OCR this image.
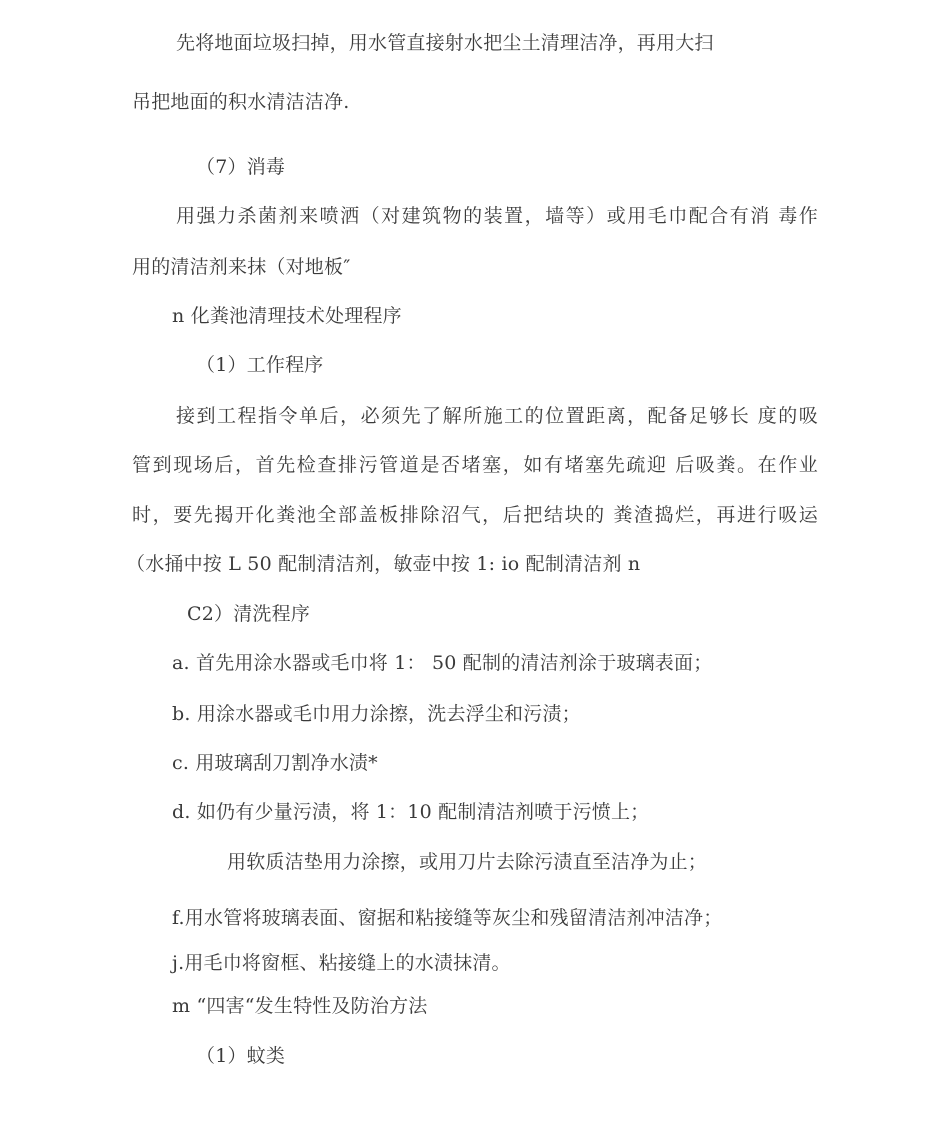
先将地面垃圾扫掉，用水管直接射水把尘土清理洁净，再用大扫
吊把地面的积水清洁洁净.
（7）消毒
用强力杀菌剂来喷洒（对建筑物的装置，墙等）或用毛巾配合有消 毒作
用的清洁剂来抹（对地板″
n 化粪池清理技术处理程序
（1）工作程序
接到工程指令单后，必须先了解所施工的位置距离，配备足够长 度的吸
管到现场后，首先检查排污管道是否堵塞，如有堵塞先疏迎 后吸粪。在作业
时，要先揭开化粪池全部盖板排除沼气，后把结块的 粪渣捣烂，再进行吸运
（水捅中按 L 50 配制清洁剂，敏壶中按 1: io 配制清洁剂 n
C2）清洗程序
a. 首先用涂水器或毛巾将 1： 50 配制的清洁剂涂于玻璃表面；
b. 用涂水器或毛巾用力涂擦，洗去浮尘和污渍；
c. 用玻璃刮刀割净水渍*
d. 如仍有少量污渍，将 1：10 配制清洁剂喷于污愤上；
用软质洁垫用力涂擦，或用刀片去除污渍直至洁净为止；
f.用水管将玻璃表面、窗据和粘接缝等灰尘和残留清洁剂冲洁净；
j.用毛巾将窗框、粘接缝上的水渍抹清。
m “四害“发生特性及防治方法
（1）蚊类
